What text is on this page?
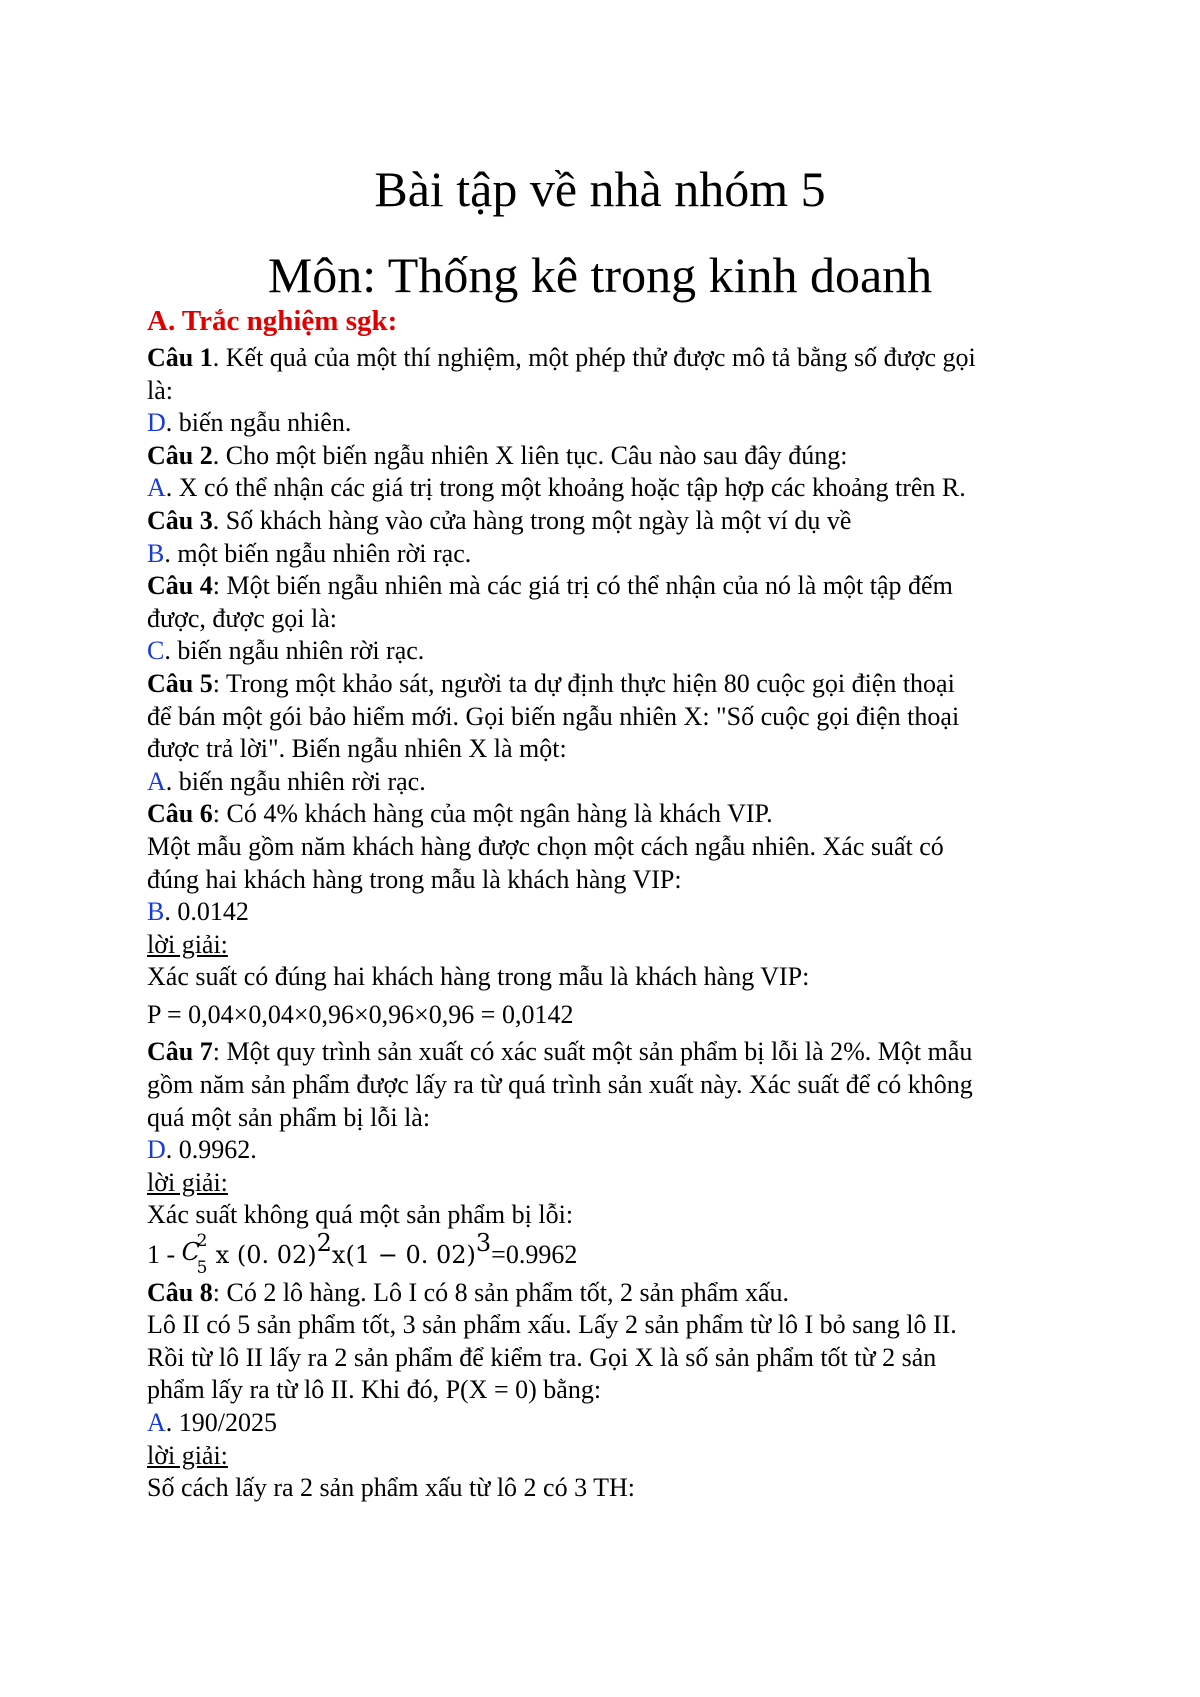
Bài tập về nhà nhóm 5
Môn: Thống kê trong kinh doanh
A. Trắc nghiệm sgk:
Câu 1. Kết quả của một thí nghiệm, một phép thử được mô tả bằng số được gọi
là:
D. biến ngẫu nhiên.
Câu 2. Cho một biến ngẫu nhiên X liên tục. Câu nào sau đây đúng:
A. X có thể nhận các giá trị trong một khoảng hoặc tập hợp các khoảng trên R.
Câu 3. Số khách hàng vào cửa hàng trong một ngày là một ví dụ về
B. một biến ngẫu nhiên rời rạc.
Câu 4: Một biến ngẫu nhiên mà các giá trị có thể nhận của nó là một tập đếm
được, được gọi là:
C. biến ngẫu nhiên rời rạc.
Câu 5: Trong một khảo sát, người ta dự định thực hiện 80 cuộc gọi điện thoại
để bán một gói bảo hiểm mới. Gọi biến ngẫu nhiên X: "Số cuộc gọi điện thoại
được trả lời". Biến ngẫu nhiên X là một:
A. biến ngẫu nhiên rời rạc.
Câu 6: Có 4% khách hàng của một ngân hàng là khách VIP.
Một mẫu gồm năm khách hàng được chọn một cách ngẫu nhiên. Xác suất có
đúng hai khách hàng trong mẫu là khách hàng VIP:
B. 0.0142
lời giải:
Xác suất có đúng hai khách hàng trong mẫu là khách hàng VIP:
P = 0,04×0,04×0,96×0,96×0,96 = 0,0142
Câu 7: Một quy trình sản xuất có xác suất một sản phẩm bị lỗi là 2%. Một mẫu
gồm năm sản phẩm được lấy ra từ quá trình sản xuất này. Xác suất để có không
quá một sản phẩm bị lỗi là:
D. 0.9962.
lời giải:
Xác suất không quá một sản phẩm bị lỗi:
1 - C
2
5 x (0. 02)$^2$x(1 − 0. 02)$^3$=0.9962
Câu 8: Có 2 lô hàng. Lô I có 8 sản phẩm tốt, 2 sản phẩm xấu.
Lô II có 5 sản phẩm tốt, 3 sản phẩm xấu. Lấy 2 sản phẩm từ lô I bỏ sang lô II.
Rồi từ lô II lấy ra 2 sản phẩm để kiểm tra. Gọi X là số sản phẩm tốt từ 2 sản
phẩm lấy ra từ lô II. Khi đó, P(X = 0) bằng:
A. 190/2025
lời giải:
Số cách lấy ra 2 sản phẩm xấu từ lô 2 có 3 TH:
